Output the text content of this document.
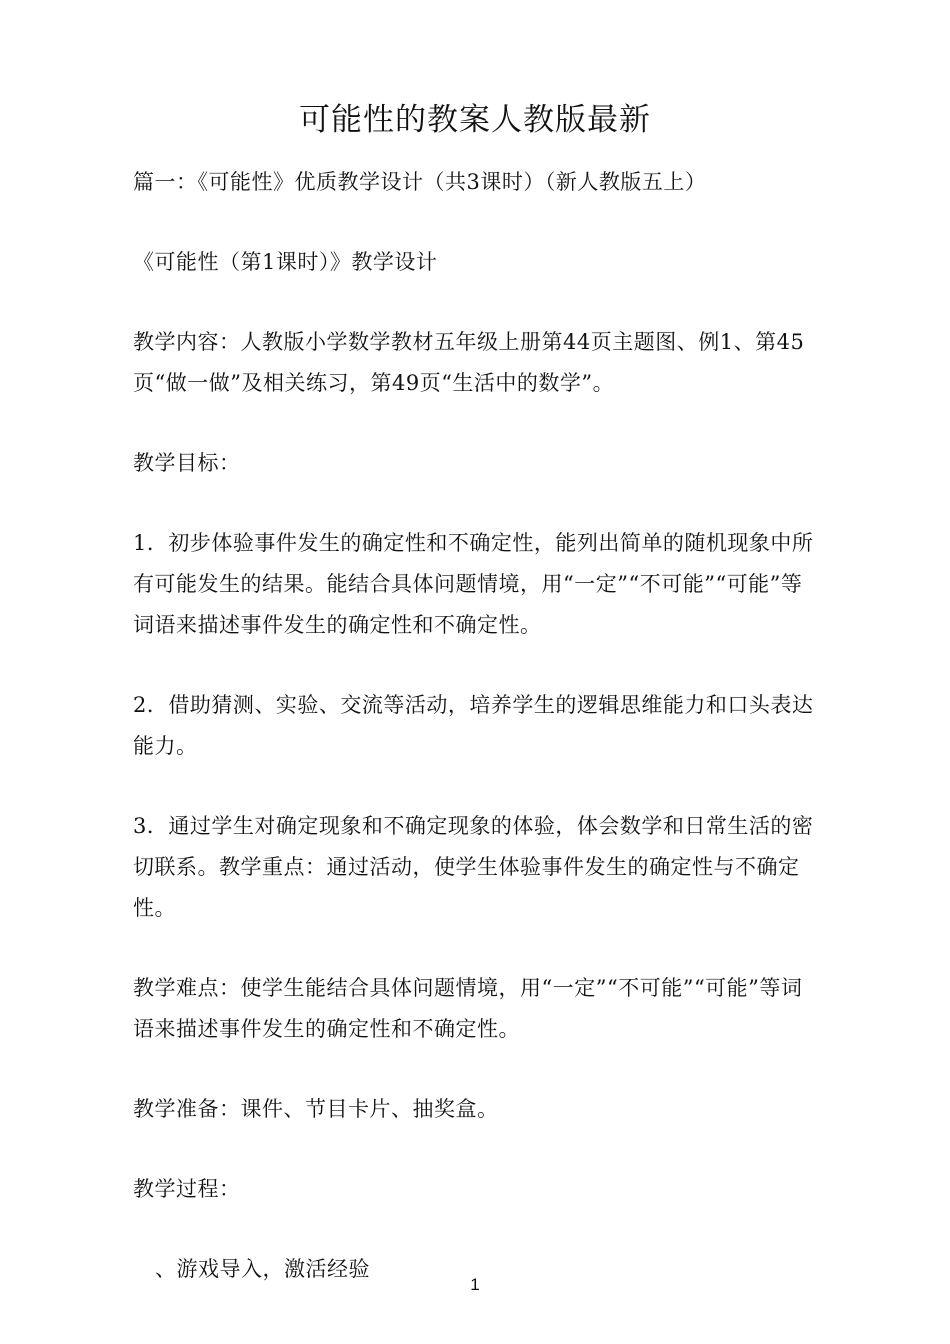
可能性的教案人教版最新

篇一：《可能性》优质教学设计（共3课时）（新人教版五上）

《可能性（第1课时）》教学设计

教学内容：人教版小学数学教材五年级上册第44页主题图、例1、第45页“做一做”及相关练习，第49页“生活中的数学”。

教学目标：

1．初步体验事件发生的确定性和不确定性，能列出简单的随机现象中所有可能发生的结果。能结合具体问题情境，用“一定”“不可能”“可能”等词语来描述事件发生的确定性和不确定性。

2．借助猜测、实验、交流等活动，培养学生的逻辑思维能力和口头表达能力。

3．通过学生对确定现象和不确定现象的体验，体会数学和日常生活的密切联系。教学重点：通过活动，使学生体验事件发生的确定性与不确定性。

教学难点：使学生能结合具体问题情境，用“一定”“不可能”“可能”等词语来描述事件发生的确定性和不确定性。

教学准备：课件、节目卡片、抽奖盒。

教学过程：

、游戏导入，激活经验

1
